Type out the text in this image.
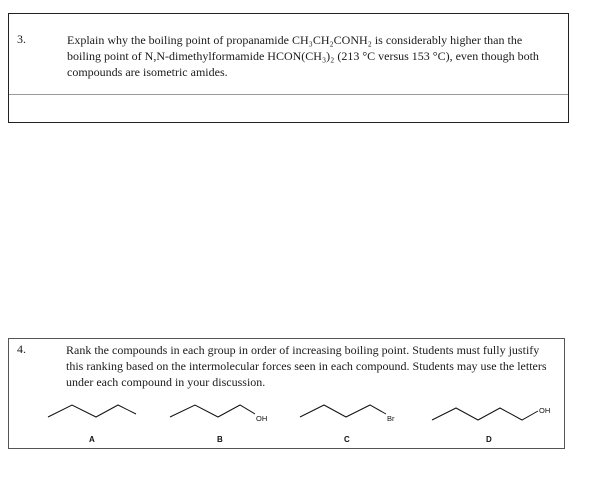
3.	Explain why the boiling point of propanamide CH₃CH₂CONH₂ is considerably higher than the boiling point of N,N-dimethylformamide HCON(CH₃)₂ (213 °C versus 153 °C), even though both compounds are isometric amides.
4.	Rank the compounds in each group in order of increasing boiling point. Students must fully justify this ranking based on the intermolecular forces seen in each compound. Students may use the letters under each compound in your discussion.
A
OH
B
Br
C
OH
D
